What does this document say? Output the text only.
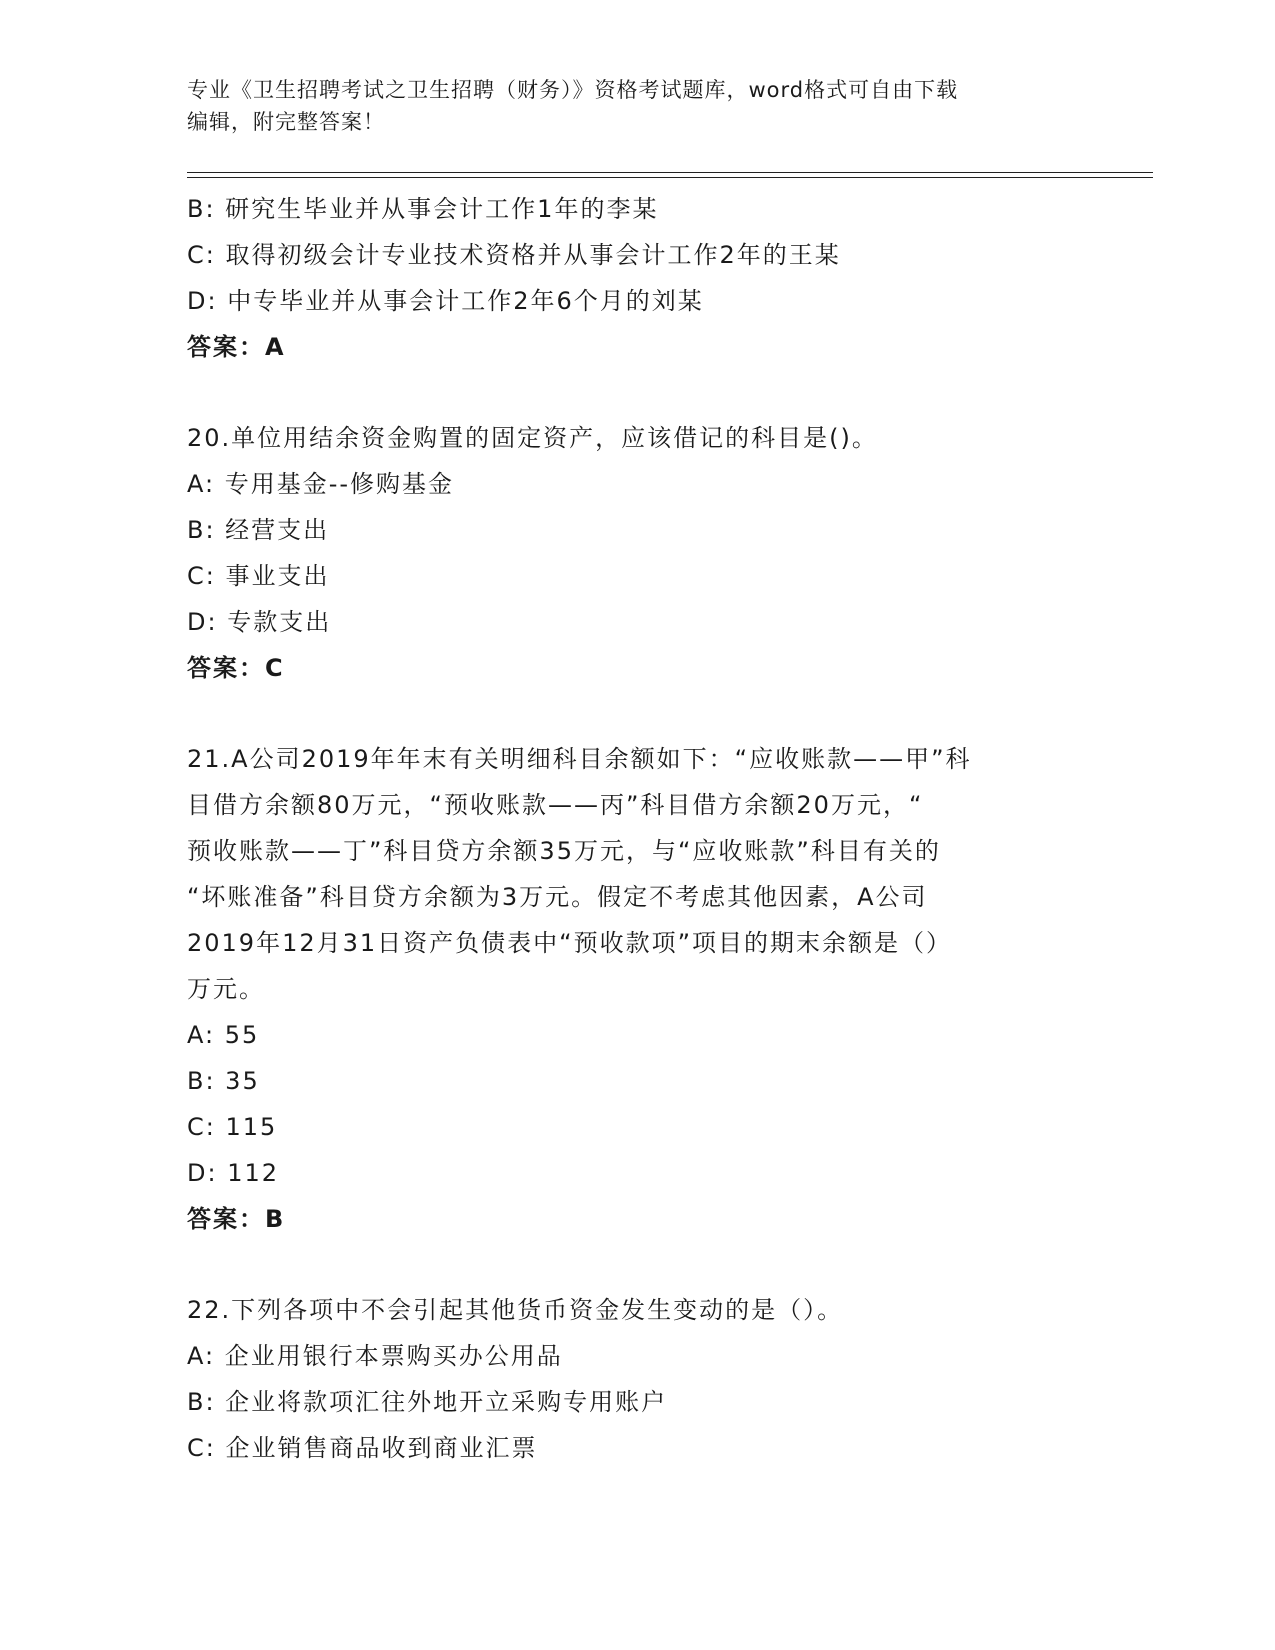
专业《卫生招聘考试之卫生招聘（财务）》资格考试题库，word格式可自由下载
编辑，附完整答案！
B: 研究生毕业并从事会计工作1年的李某
C: 取得初级会计专业技术资格并从事会计工作2年的王某
D: 中专毕业并从事会计工作2年6个月的刘某
答案：A
20.单位用结余资金购置的固定资产，应该借记的科目是()。
A: 专用基金--修购基金
B: 经营支出
C: 事业支出
D: 专款支出
答案：C
21.A公司2019年年末有关明细科目余额如下：“应收账款——甲”科
目借方余额80万元，“预收账款——丙”科目借方余额20万元，“
预收账款——丁”科目贷方余额35万元，与“应收账款”科目有关的
“坏账准备”科目贷方余额为3万元。假定不考虑其他因素，A公司
2019年12月31日资产负债表中“预收款项”项目的期末余额是（）
万元。
A: 55
B: 35
C: 115
D: 112
答案：B
22.下列各项中不会引起其他货币资金发生变动的是（）。
A: 企业用银行本票购买办公用品
B: 企业将款项汇往外地开立采购专用账户
C: 企业销售商品收到商业汇票
